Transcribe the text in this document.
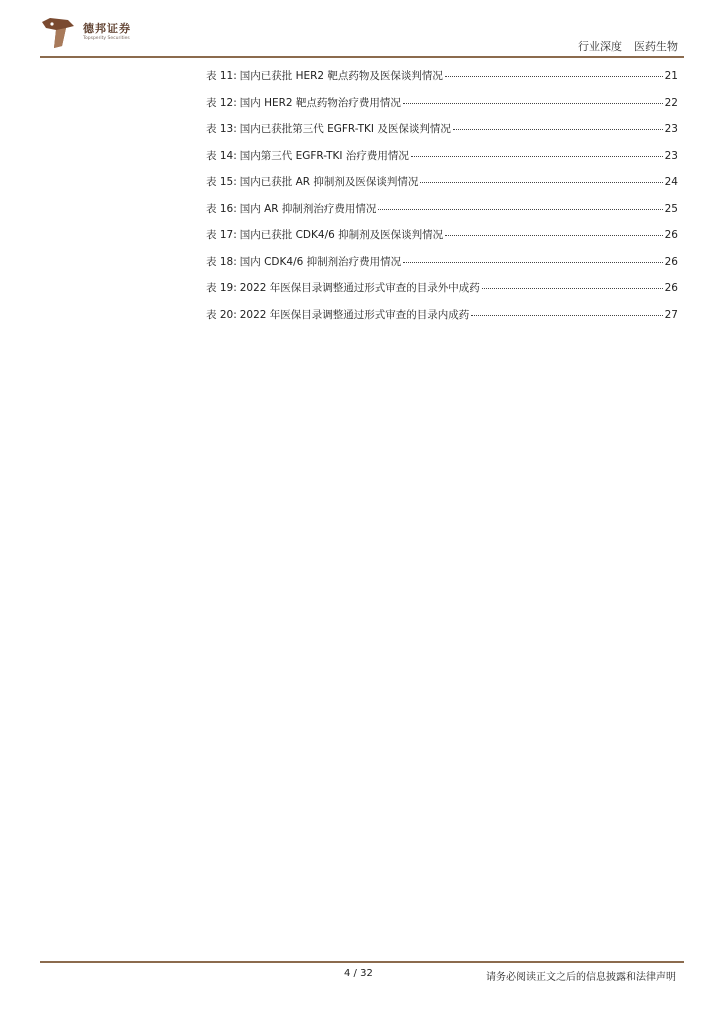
德邦证券
Topsperity Securities
行业深度 医药生物
表 11: 国内已获批 HER2 靶点药物及医保谈判情况	21
表 12: 国内 HER2 靶点药物治疗费用情况	22
表 13: 国内已获批第三代 EGFR-TKI 及医保谈判情况	23
表 14: 国内第三代 EGFR-TKI 治疗费用情况	23
表 15: 国内已获批 AR 抑制剂及医保谈判情况	24
表 16: 国内 AR 抑制剂治疗费用情况	25
表 17: 国内已获批 CDK4/6 抑制剂及医保谈判情况	26
表 18: 国内 CDK4/6 抑制剂治疗费用情况	26
表 19: 2022 年医保目录调整通过形式审查的目录外中成药	26
表 20: 2022 年医保目录调整通过形式审查的目录内成药	27
4 / 32	请务必阅读正文之后的信息披露和法律声明
